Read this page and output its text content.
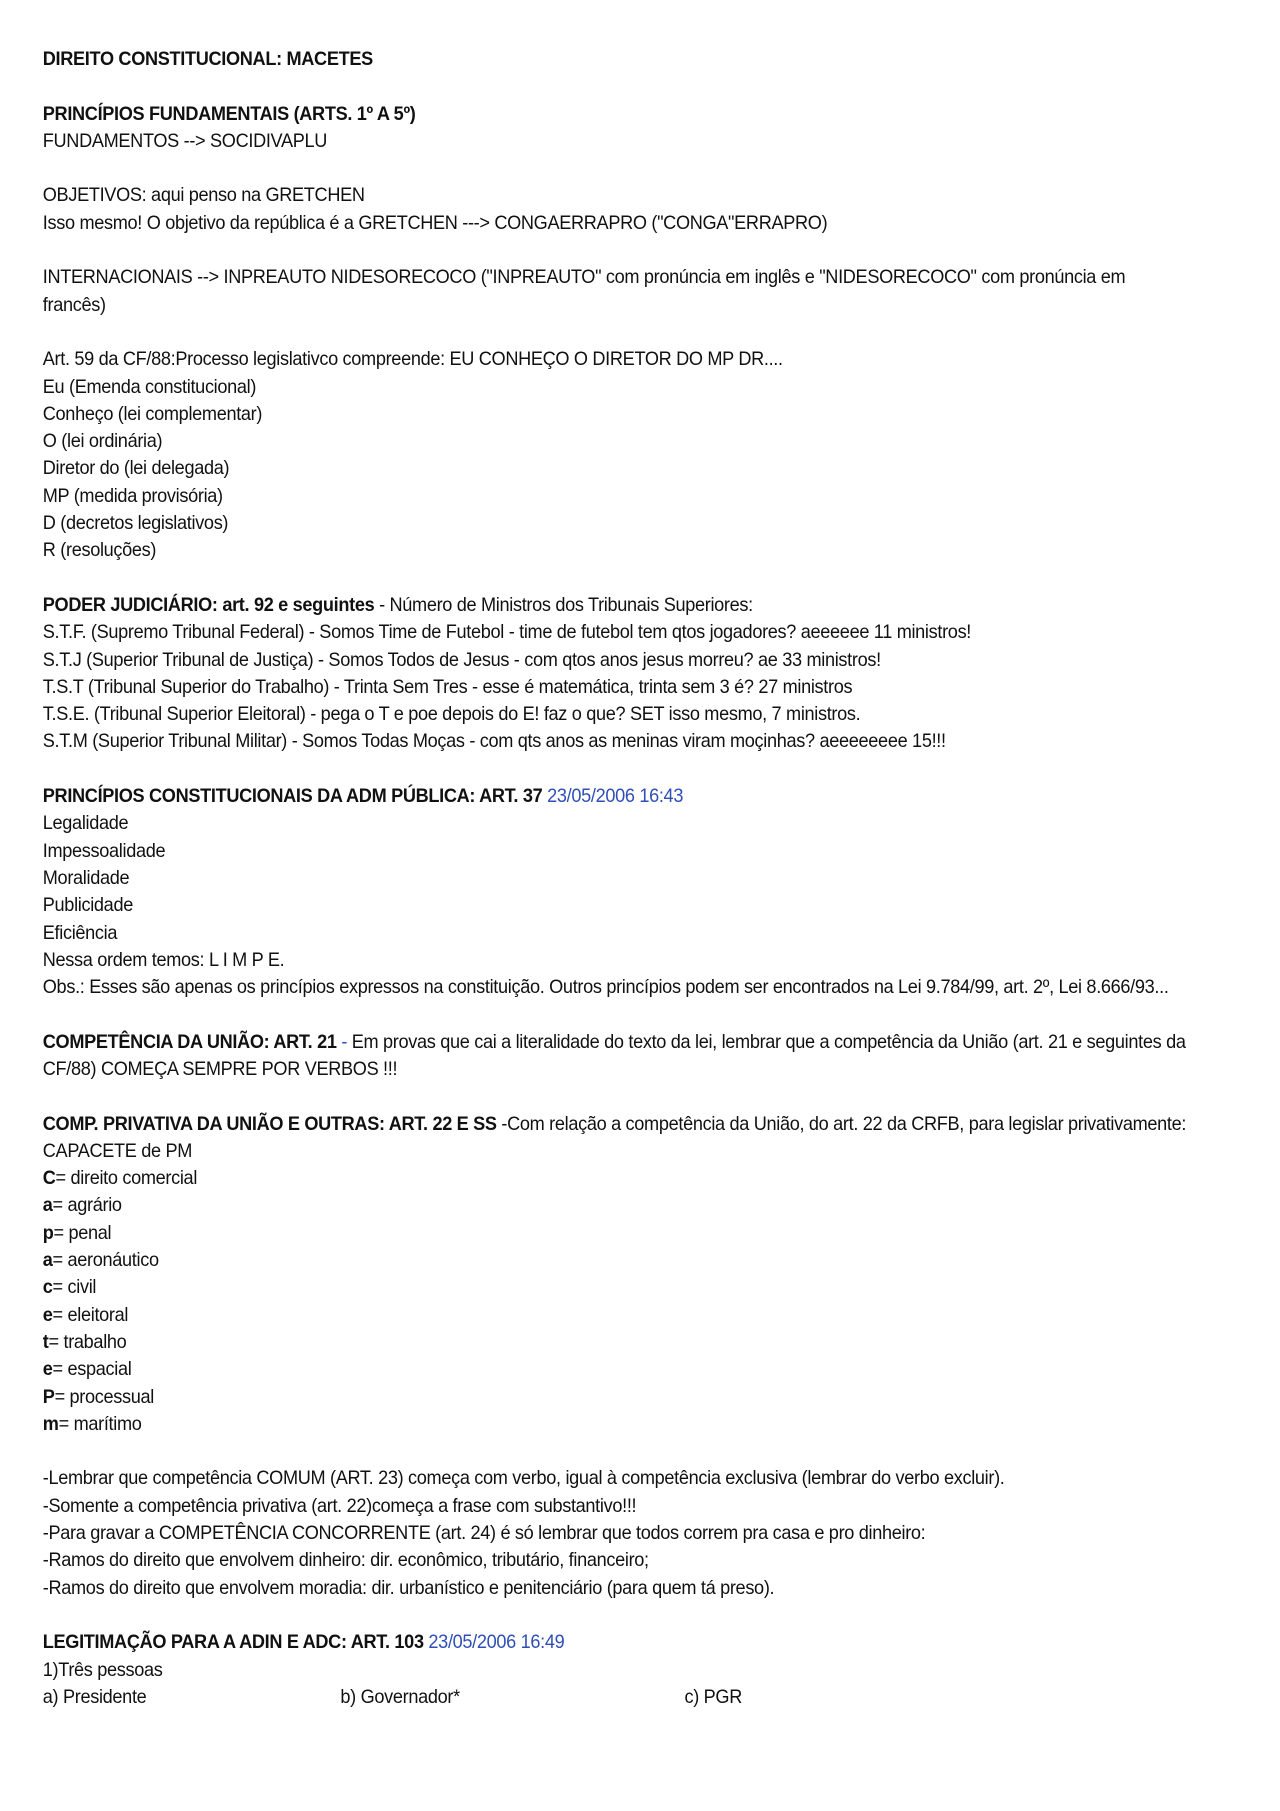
DIREITO CONSTITUCIONAL: MACETES
PRINCÍPIOS FUNDAMENTAIS (ARTS. 1º A 5º)
FUNDAMENTOS --> SOCIDIVAPLU
OBJETIVOS: aqui penso na GRETCHEN
Isso mesmo! O objetivo da república é a GRETCHEN ---> CONGAERRAPRO ("CONGA"ERRAPRO)
INTERNACIONAIS --> INPREAUTO NIDESORECOCO ("INPREAUTO" com pronúncia em inglês e "NIDESORECOCO" com pronúncia em francês)
Art. 59 da CF/88:Processo legislativco compreende: EU CONHEÇO O DIRETOR DO MP DR....
Eu (Emenda constitucional)
Conheço (lei complementar)
O (lei ordinária)
Diretor do (lei delegada)
MP (medida provisória)
D (decretos legislativos)
R (resoluções)
PODER JUDICIÁRIO: art. 92 e seguintes - Número de Ministros dos Tribunais Superiores:
S.T.F. (Supremo Tribunal Federal) - Somos Time de Futebol - time de futebol tem qtos jogadores? aeeeeee 11 ministros!
S.T.J (Superior Tribunal de Justiça) - Somos Todos de Jesus - com qtos anos jesus morreu? ae 33 ministros!
T.S.T (Tribunal Superior do Trabalho) - Trinta Sem Tres - esse é matemática, trinta sem 3 é? 27 ministros
T.S.E. (Tribunal Superior Eleitoral) - pega o T e poe depois do E! faz o que? SET isso mesmo, 7 ministros.
S.T.M (Superior Tribunal Militar) - Somos Todas Moças - com qts anos as meninas viram moçinhas? aeeeeeeee 15!!!
PRINCÍPIOS CONSTITUCIONAIS DA ADM PÚBLICA: ART. 37 23/05/2006 16:43
Legalidade
Impessoalidade
Moralidade
Publicidade
Eficiência
Nessa ordem temos: L I M P E.
Obs.: Esses são apenas os princípios expressos na constituição. Outros princípios podem ser encontrados na Lei 9.784/99, art. 2º, Lei 8.666/93...
COMPETÊNCIA DA UNIÃO: ART. 21 - Em provas que cai a literalidade do texto da lei, lembrar que a competência da União (art. 21 e seguintes da CF/88) COMEÇA SEMPRE POR VERBOS !!!
COMP. PRIVATIVA DA UNIÃO E OUTRAS: ART. 22 E SS -Com relação a competência da União, do art. 22 da CRFB, para legislar privativamente: CAPACETE de PM
C= direito comercial
a= agrário
p= penal
a= aeronáutico
c= civil
e= eleitoral
t= trabalho
e= espacial
P= processual
m= marítimo
-Lembrar que competência COMUM (ART. 23) começa com verbo, igual à competência exclusiva (lembrar do verbo excluir).
-Somente a competência privativa (art. 22)começa a frase com substantivo!!!
-Para gravar a COMPETÊNCIA CONCORRENTE (art. 24) é só lembrar que todos correm pra casa e pro dinheiro:
-Ramos do direito que envolvem dinheiro: dir. econômico, tributário, financeiro;
-Ramos do direito que envolvem moradia: dir. urbanístico e penitenciário (para quem tá preso).
LEGITIMAÇÃO PARA A ADIN E ADC: ART. 103 23/05/2006 16:49
1)Três pessoas
a) Presidente	b) Governador*	c) PGR
